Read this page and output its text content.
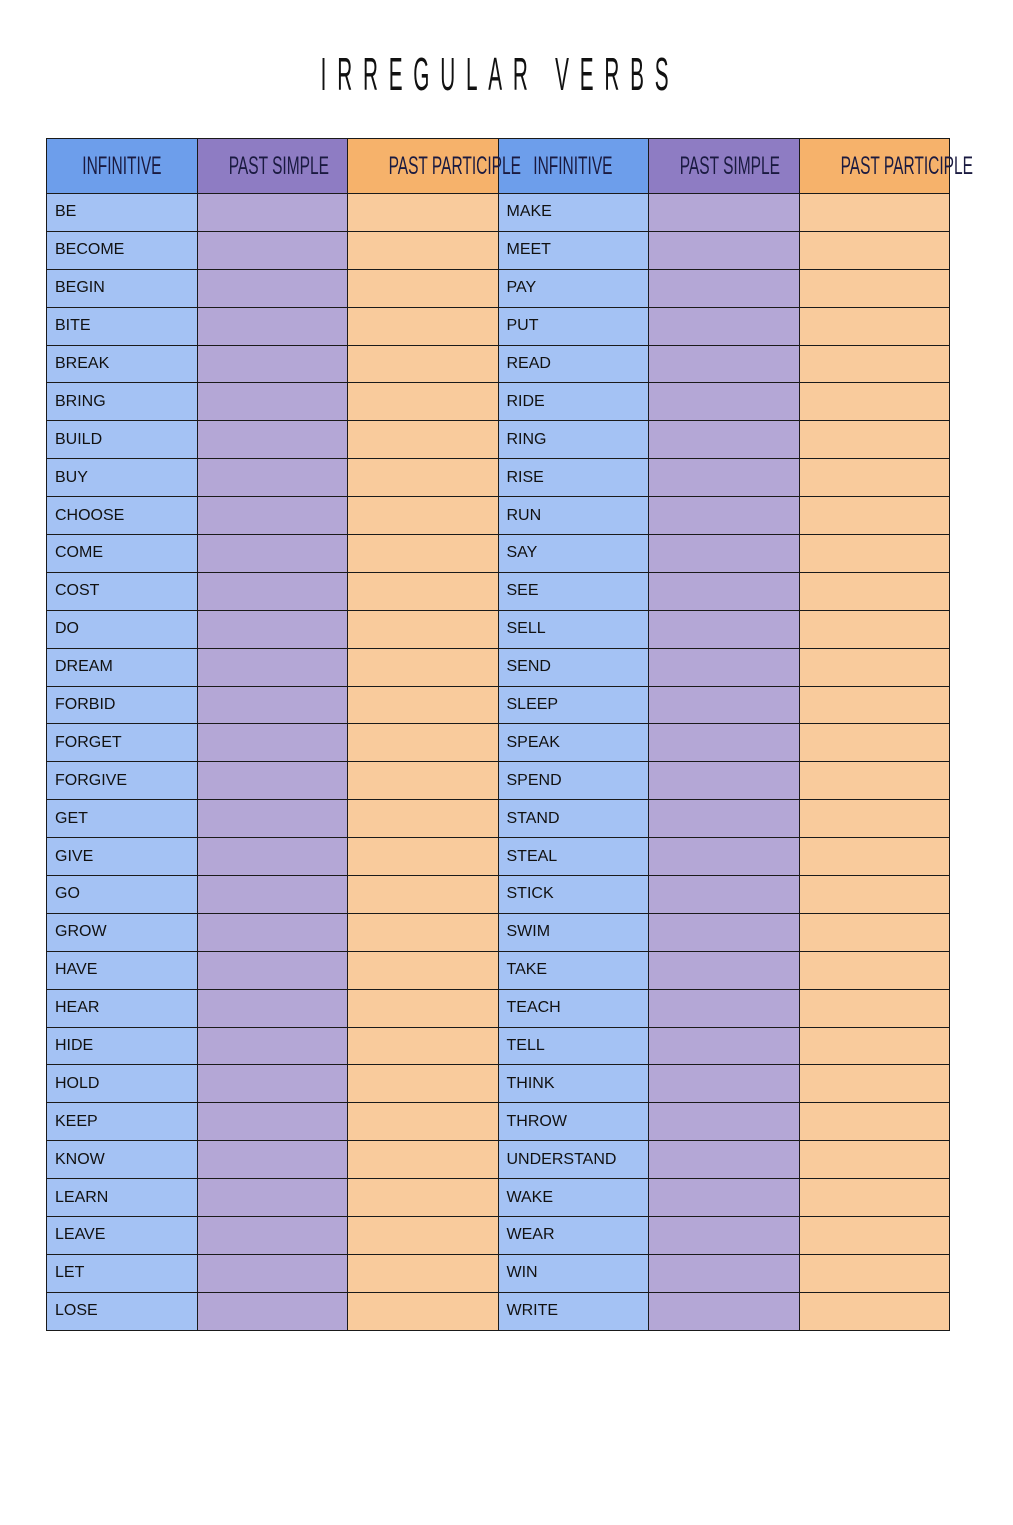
IRREGULAR VERBS
INFINITIVE	PAST SIMPLE	PAST PARTICIPLE	INFINITIVE	PAST SIMPLE	PAST PARTICIPLE
BE			MAKE		
BECOME			MEET		
BEGIN			PAY		
BITE			PUT		
BREAK			READ		
BRING			RIDE		
BUILD			RING		
BUY			RISE		
CHOOSE			RUN		
COME			SAY		
COST			SEE		
DO			SELL		
DREAM			SEND		
FORBID			SLEEP		
FORGET			SPEAK		
FORGIVE			SPEND		
GET			STAND		
GIVE			STEAL		
GO			STICK		
GROW			SWIM		
HAVE			TAKE		
HEAR			TEACH		
HIDE			TELL		
HOLD			THINK		
KEEP			THROW		
KNOW			UNDERSTAND		
LEARN			WAKE		
LEAVE			WEAR		
LET			WIN		
LOSE			WRITE		
